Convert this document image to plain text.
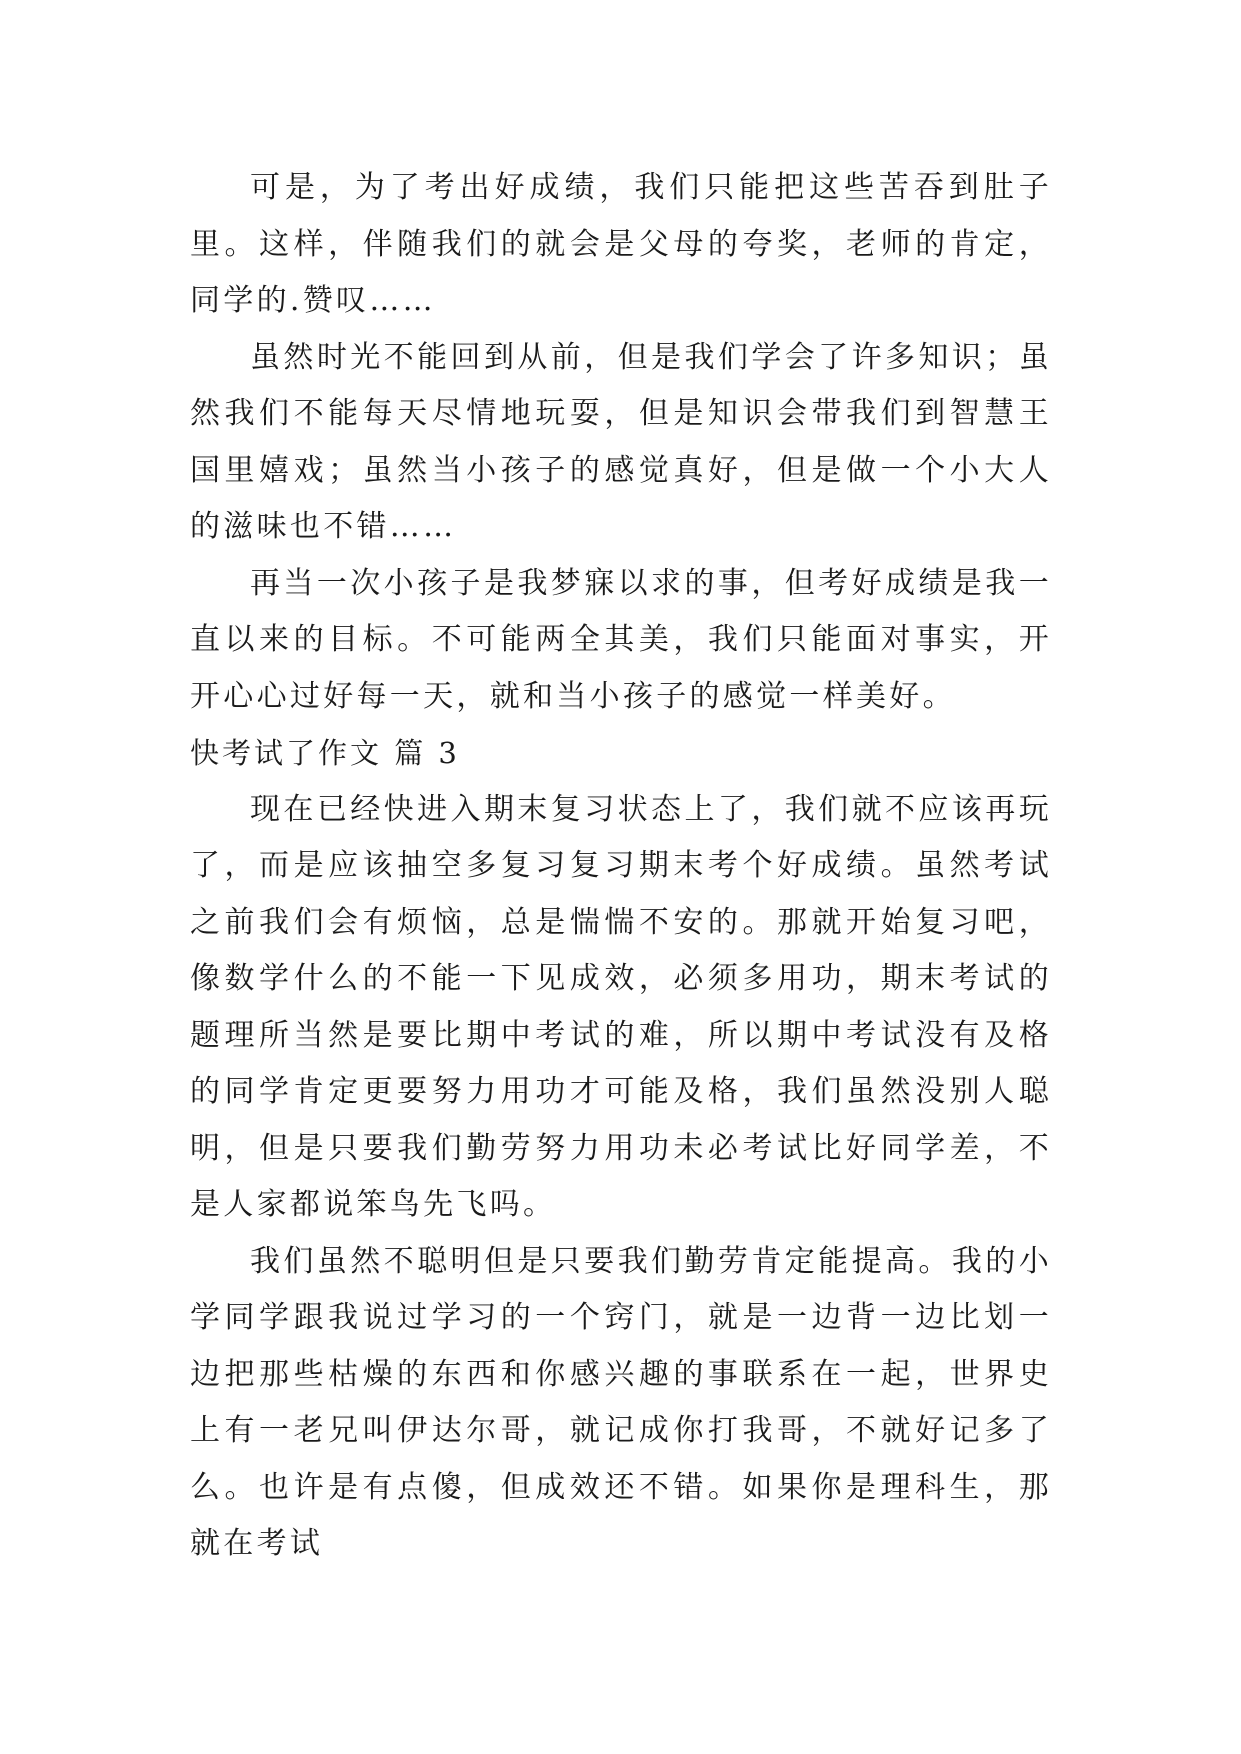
可是，为了考出好成绩，我们只能把这些苦吞到肚子里。这样，伴随我们的就会是父母的夸奖，老师的肯定，同学的.赞叹……

虽然时光不能回到从前，但是我们学会了许多知识；虽然我们不能每天尽情地玩耍，但是知识会带我们到智慧王国里嬉戏；虽然当小孩子的感觉真好，但是做一个小大人的滋味也不错……

再当一次小孩子是我梦寐以求的事，但考好成绩是我一直以来的目标。不可能两全其美，我们只能面对事实，开开心心过好每一天，就和当小孩子的感觉一样美好。

快考试了作文 篇 3

现在已经快进入期末复习状态上了，我们就不应该再玩了，而是应该抽空多复习复习期末考个好成绩。虽然考试之前我们会有烦恼，总是惴惴不安的。那就开始复习吧，像数学什么的不能一下见成效，必须多用功，期末考试的题理所当然是要比期中考试的难，所以期中考试没有及格的同学肯定更要努力用功才可能及格，我们虽然没别人聪明，但是只要我们勤劳努力用功未必考试比好同学差，不是人家都说笨鸟先飞吗。

我们虽然不聪明但是只要我们勤劳肯定能提高。我的小学同学跟我说过学习的一个窍门，就是一边背一边比划一边把那些枯燥的东西和你感兴趣的事联系在一起，世界史上有一老兄叫伊达尔哥，就记成你打我哥，不就好记多了么。也许是有点傻，但成效还不错。如果你是理科生，那就在考试
